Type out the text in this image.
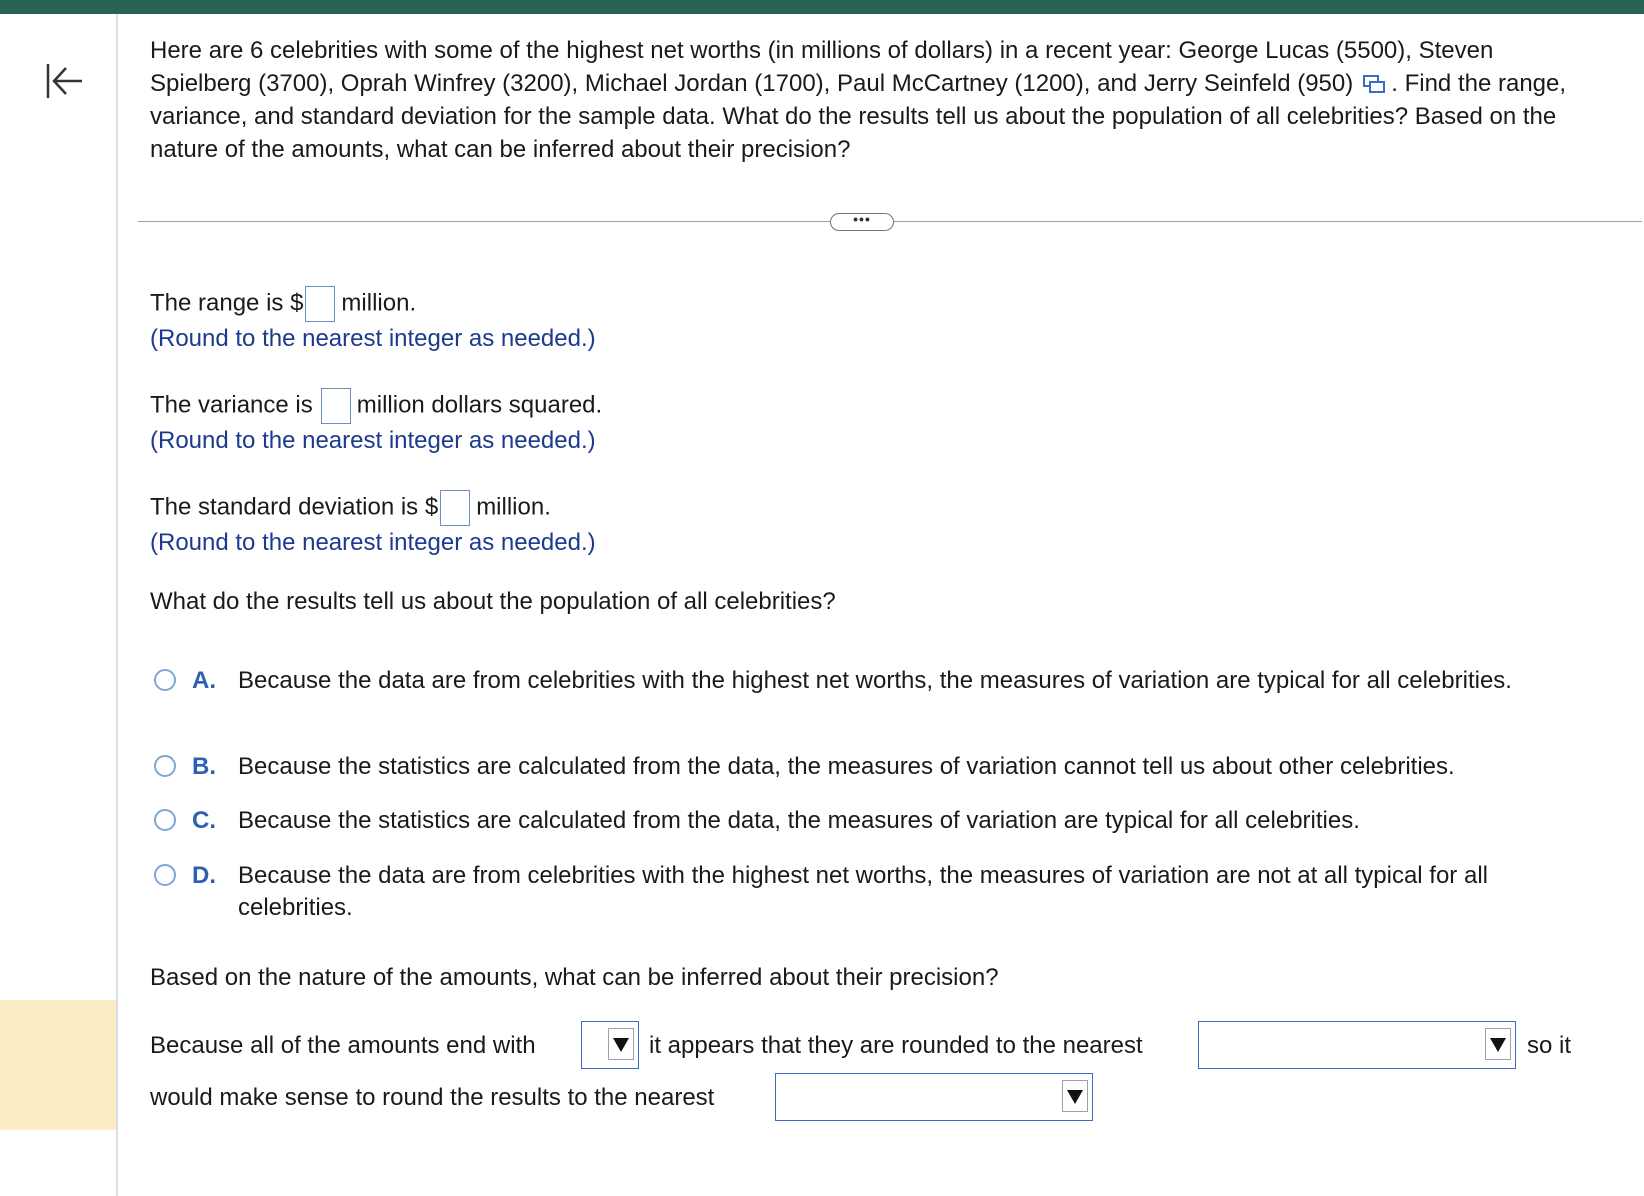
Here are 6 celebrities with some of the highest net worths (in millions of dollars) in a recent year: George Lucas (5500), Steven Spielberg (3700), Oprah Winfrey (3200), Michael Jordan (1700), Paul McCartney (1200), and Jerry Seinfeld (950) . Find the range, variance, and standard deviation for the sample data. What do the results tell us about the population of all celebrities? Based on the nature of the amounts, what can be inferred about their precision?
The range is $ million.
(Round to the nearest integer as needed.)
The variance is million dollars squared.
(Round to the nearest integer as needed.)
The standard deviation is $ million.
(Round to the nearest integer as needed.)
What do the results tell us about the population of all celebrities?
A. Because the data are from celebrities with the highest net worths, the measures of variation are typical for all celebrities.
B. Because the statistics are calculated from the data, the measures of variation cannot tell us about other celebrities.
C. Because the statistics are calculated from the data, the measures of variation are typical for all celebrities.
D. Because the data are from celebrities with the highest net worths, the measures of variation are not at all typical for all celebrities.
Based on the nature of the amounts, what can be inferred about their precision?
Because all of the amounts end with	it appears that they are rounded to the nearest	so it
would make sense to round the results to the nearest
•••
